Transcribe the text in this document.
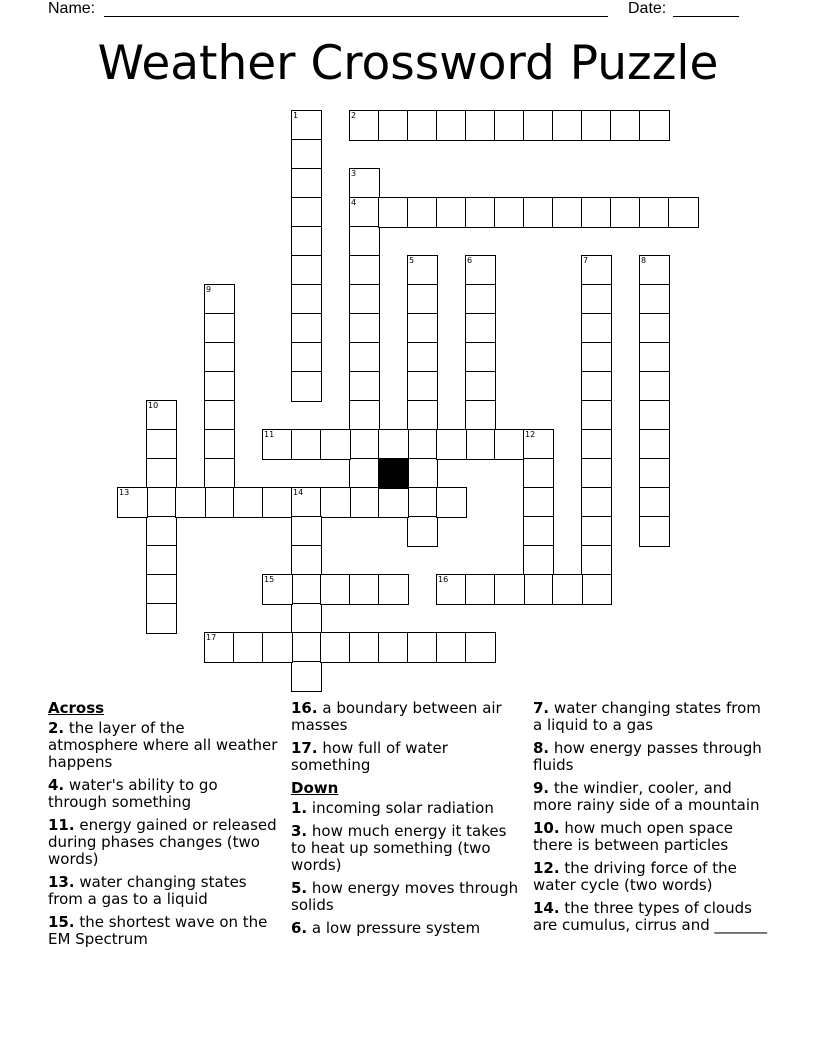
Name:	Date:
Weather Crossword Puzzle
1	2
3
4
5	6	7	8
9
10
11	12
13	14
15	16
17
Across
2. the layer of the atmosphere where all weather happens
4. water's ability to go through something
11. energy gained or released during phases changes (two words)
13. water changing states from a gas to a liquid
15. the shortest wave on the EM Spectrum
16. a boundary between air masses
17. how full of water something
Down
1. incoming solar radiation
3. how much energy it takes to heat up something (two words)
5. how energy moves through solids
6. a low pressure system
7. water changing states from a liquid to a gas
8. how energy passes through fluids
9. the windier, cooler, and more rainy side of a mountain
10. how much open space there is between particles
12. the driving force of the water cycle (two words)
14. the three types of clouds are cumulus, cirrus and _______
